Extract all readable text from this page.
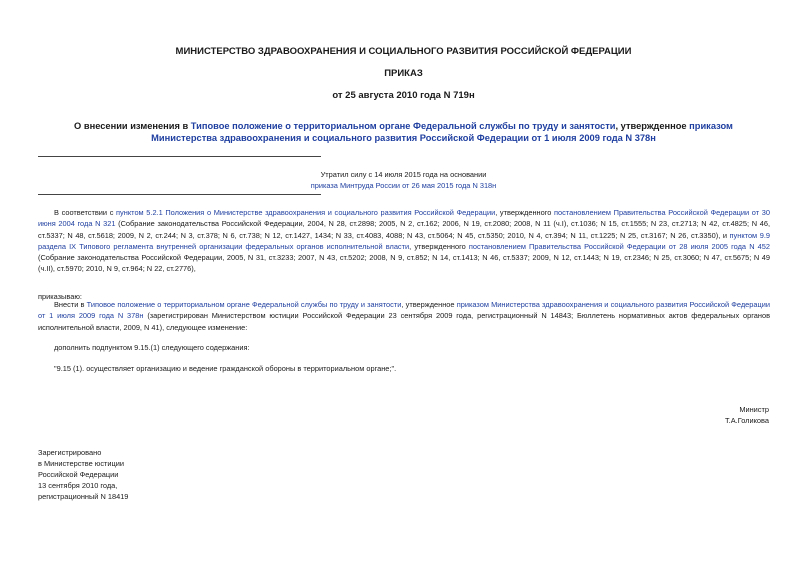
МИНИСТЕРСТВО ЗДРАВООХРАНЕНИЯ И СОЦИАЛЬНОГО РАЗВИТИЯ РОССИЙСКОЙ ФЕДЕРАЦИИ
ПРИКАЗ
от 25 августа 2010 года N 719н
О внесении изменения в Типовое положение о территориальном органе Федеральной службы по труду и занятости, утвержденное приказом Министерства здравоохранения и социального развития Российской Федерации от 1 июля 2009 года N 378н
Утратил силу с 14 июля 2015 года на основании
приказа Минтруда России от 26 мая 2015 года N 318н
В соответствии с пунктом 5.2.1 Положения о Министерстве здравоохранения и социального развития Российской Федерации, утвержденного постановлением Правительства Российской Федерации от 30 июня 2004 года N 321 (Собрание законодательства Российской Федерации, 2004, N 28, ст.2898; 2005, N 2, ст.162; 2006, N 19, ст.2080; 2008, N 11 (ч.I), ст.1036; N 15, ст.1555; N 23, ст.2713; N 42, ст.4825; N 46, ст.5337; N 48, ст.5618; 2009, N 2, ст.244; N 3, ст.378; N 6, ст.738; N 12, ст.1427, 1434; N 33, ст.4083, 4088; N 43, ст.5064; N 45, ст.5350; 2010, N 4, ст.394; N 11, ст.1225; N 25, ст.3167; N 26, ст.3350), и пунктом 9.9 раздела IX Типового регламента внутренней организации федеральных органов исполнительной власти, утвержденного постановлением Правительства Российской Федерации от 28 июля 2005 года N 452 (Собрание законодательства Российской Федерации, 2005, N 31, ст.3233; 2007, N 43, ст.5202; 2008, N 9, ст.852; N 14, ст.1413; N 46, ст.5337; 2009, N 12, ст.1443; N 19, ст.2346; N 25, ст.3060; N 47, ст.5675; N 49 (ч.II), ст.5970; 2010, N 9, ст.964; N 22, ст.2776),
приказываю:
Внести в Типовое положение о территориальном органе Федеральной службы по труду и занятости, утвержденное приказом Министерства здравоохранения и социального развития Российской Федерации от 1 июля 2009 года N 378н (зарегистрирован Министерством юстиции Российской Федерации 23 сентября 2009 года, регистрационный N 14843; Бюллетень нормативных актов федеральных органов исполнительной власти, 2009, N 41), следующее изменение:
дополнить подпунктом 9.15.(1) следующего содержания:
"9.15 (1). осуществляет организацию и ведение гражданской обороны в территориальном органе;".
Министр
Т.А.Голикова
Зарегистрировано
в Министерстве юстиции
Российской Федерации
13 сентября 2010 года,
регистрационный N 18419
